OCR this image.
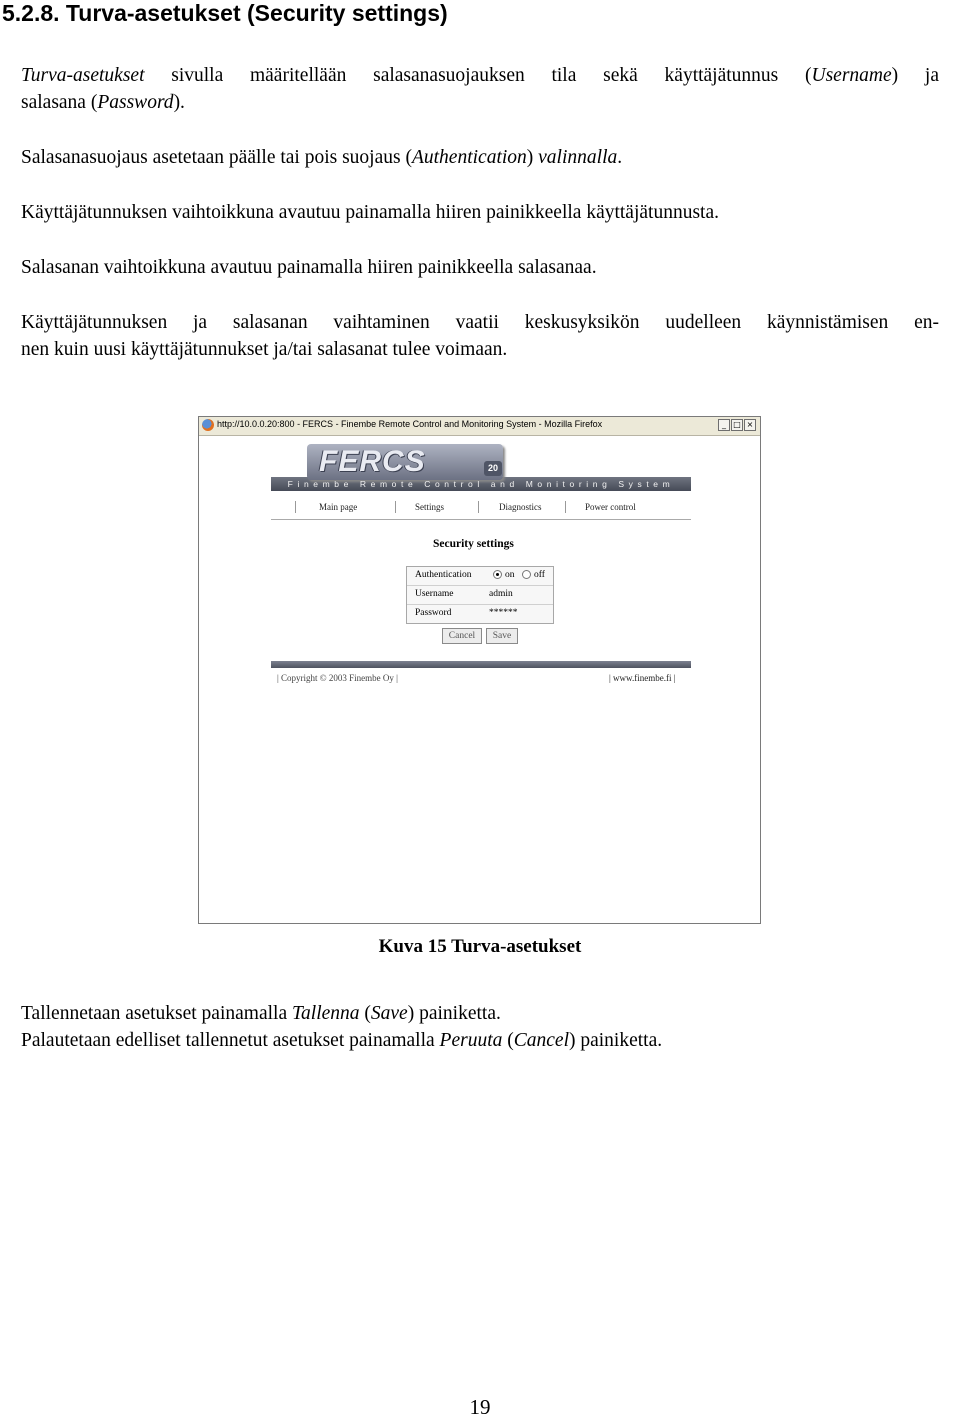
5.2.8. Turva-asetukset (Security settings)
Turva-asetukset sivulla määritellään salasanasuojauksen tila sekä käyttäjätunnus (Username) ja
salasana (Password).
Salasanasuojaus asetetaan päälle tai pois suojaus (Authentication) valinnalla.
Käyttäjätunnuksen vaihtoikkuna avautuu painamalla hiiren painikkeella käyttäjätunnusta.
Salasanan vaihtoikkuna avautuu painamalla hiiren painikkeella salasanaa.
Käyttäjätunnuksen ja salasanan vaihtaminen vaatii keskusyksikön uudelleen käynnistämisen en-
nen kuin uusi käyttäjätunnukset ja/tai salasanat tulee voimaan.
http://10.0.0.20:800 - FERCS - Finembe Remote Control and Monitoring System - Mozilla Firefox	_ □ ×
FERCS	20
Finembe Remote Control and Monitoring System
Main page	Settings	Diagnostics	Power control
Security settings
Authentication	on off
Username	admin
Password	******
Cancel	Save
| Copyright © 2003 Finembe Oy |	| www.finembe.fi |
Kuva 15 Turva-asetukset
Tallennetaan asetukset painamalla Tallenna (Save) painiketta.
Palautetaan edelliset tallennetut asetukset painamalla Peruuta (Cancel) painiketta.
19
